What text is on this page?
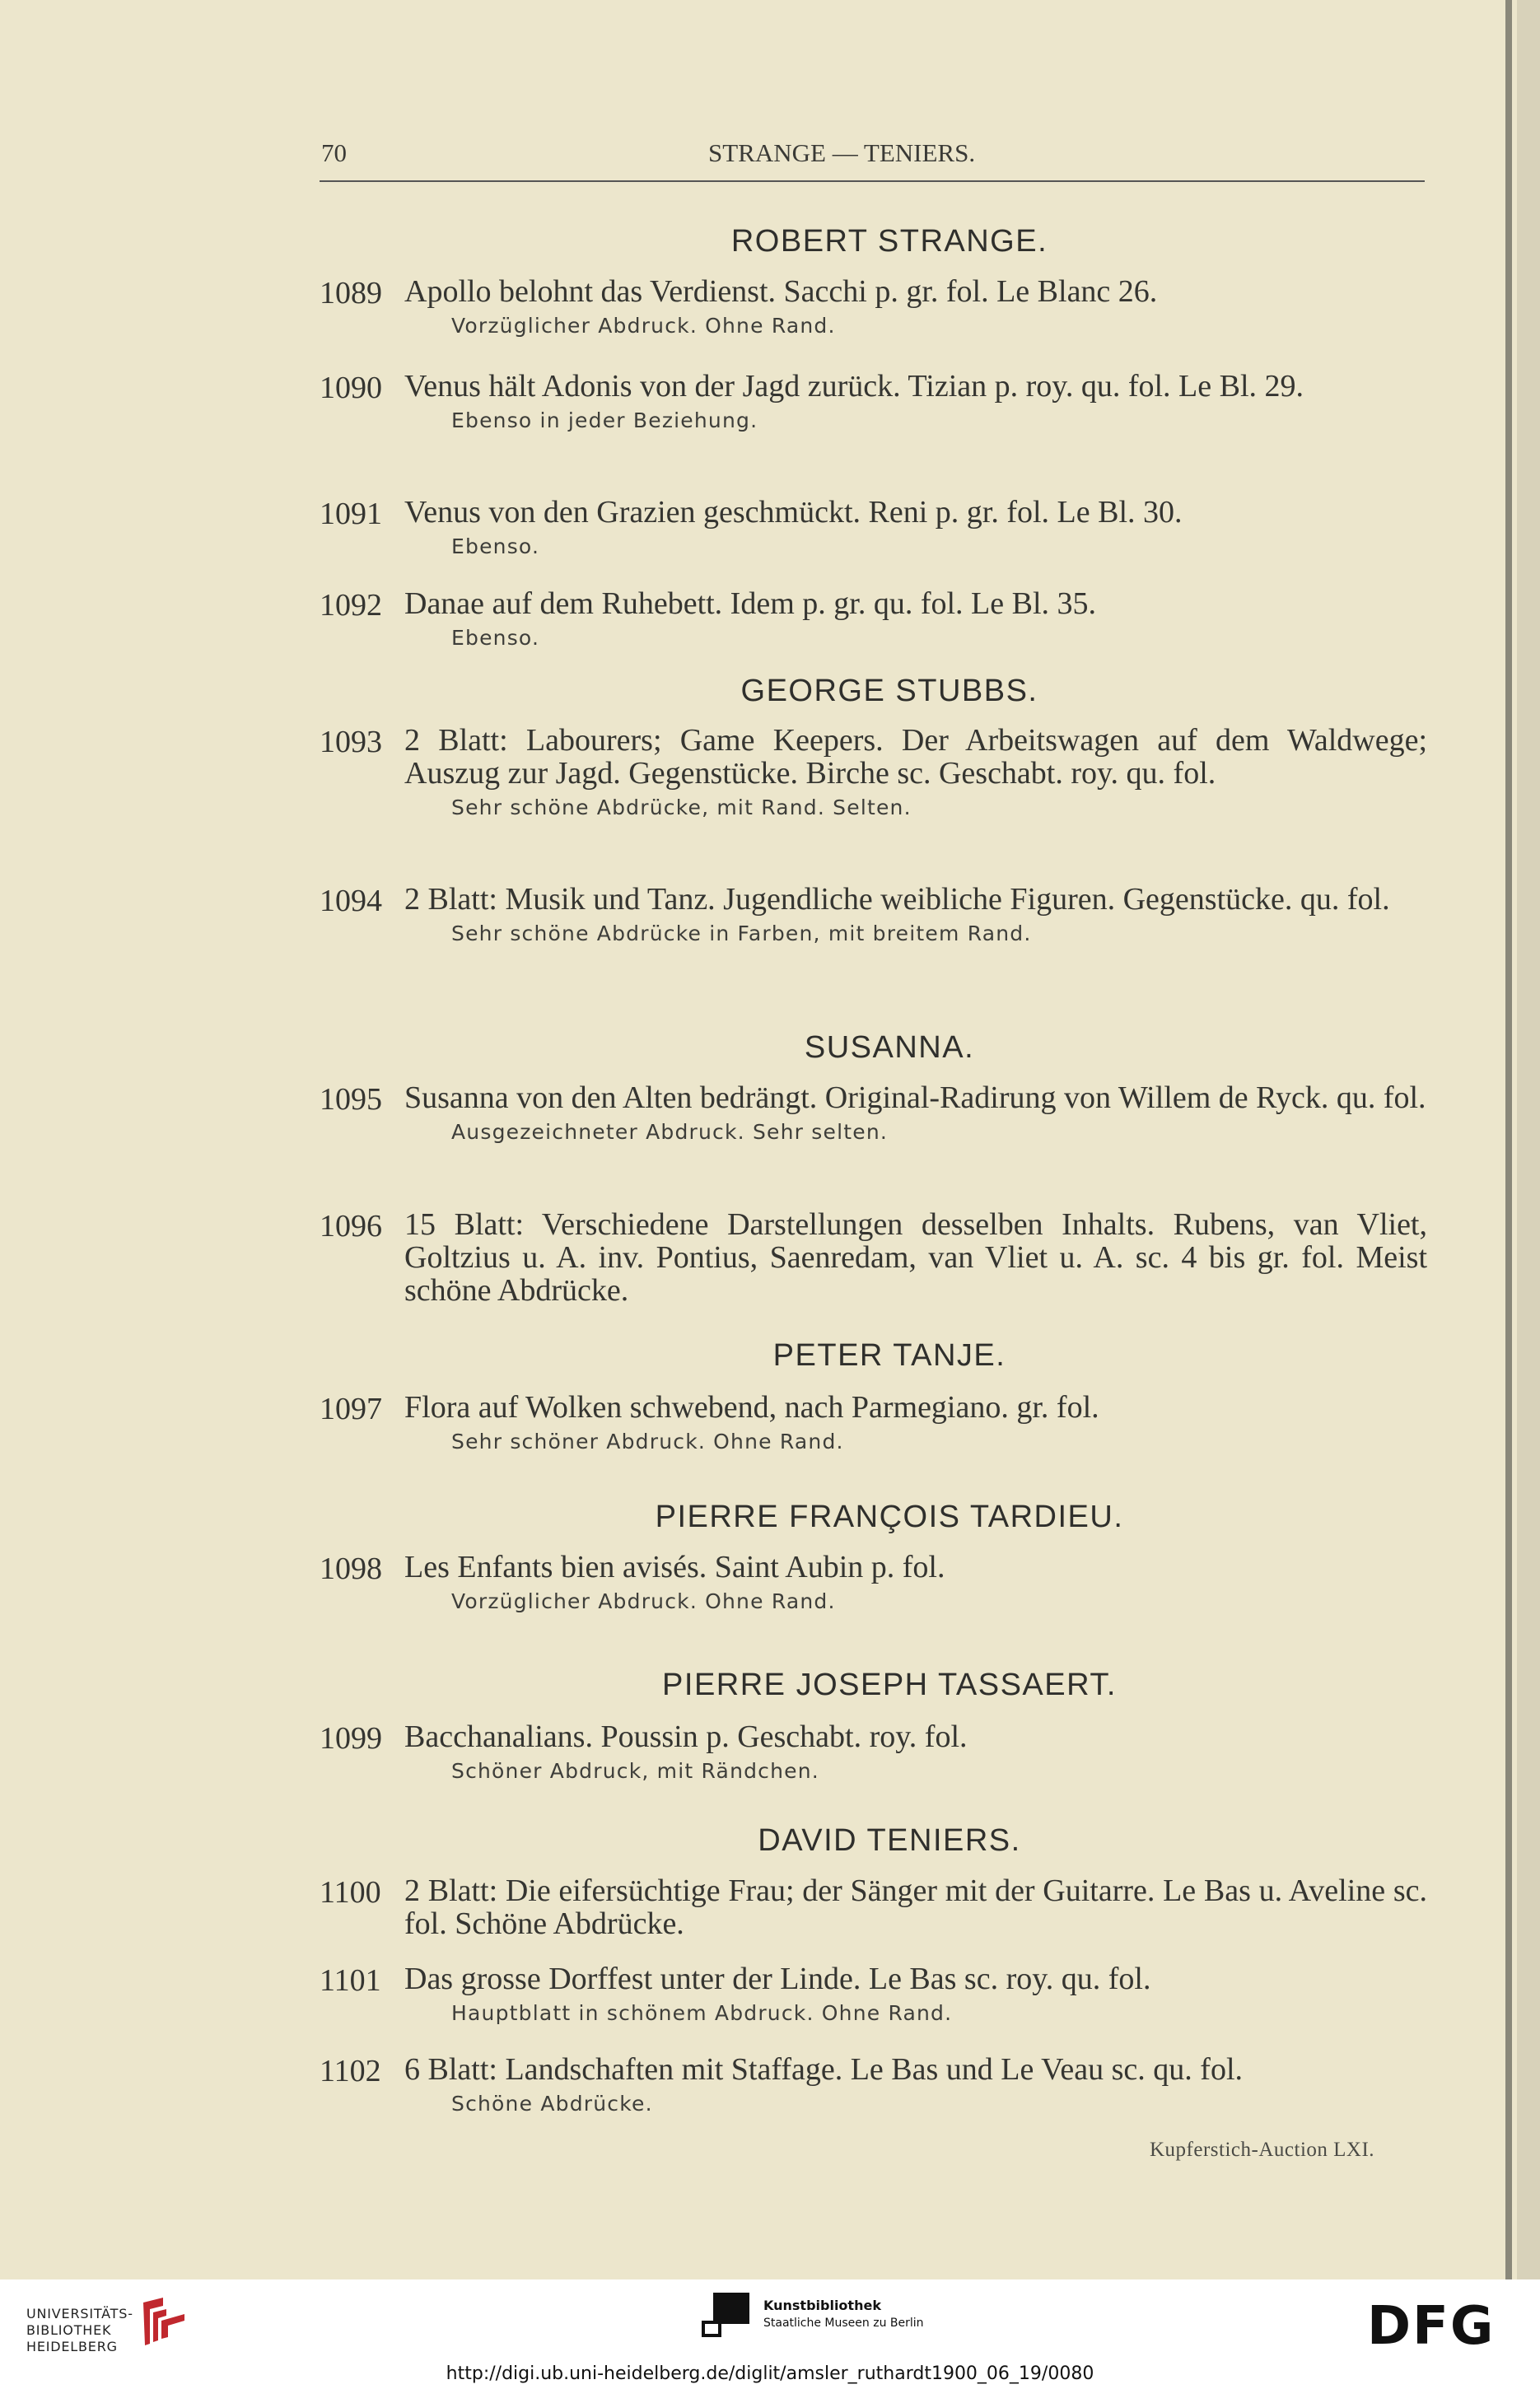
70	STRANGE — TENIERS.
ROBERT STRANGE.
1089 Apollo belohnt das Verdienst. Sacchi p. gr. fol. Le Blanc 26.
Vorzüglicher Abdruck. Ohne Rand.
1090 Venus hält Adonis von der Jagd zurück. Tizian p. roy. qu. fol. Le Bl. 29.
Ebenso in jeder Beziehung.
1091 Venus von den Grazien geschmückt. Reni p. gr. fol. Le Bl. 30.
Ebenso.
1092 Danae auf dem Ruhebett. Idem p. gr. qu. fol. Le Bl. 35.
Ebenso.
GEORGE STUBBS.
1093 2 Blatt: Labourers; Game Keepers. Der Arbeitswagen auf dem Waldwege; Auszug zur Jagd. Gegenstücke. Birche sc. Geschabt. roy. qu. fol.
Sehr schöne Abdrücke, mit Rand. Selten.
1094 2 Blatt: Musik und Tanz. Jugendliche weibliche Figuren. Gegenstücke. qu. fol.
Sehr schöne Abdrücke in Farben, mit breitem Rand.
SUSANNA.
1095 Susanna von den Alten bedrängt. Original-Radirung von Willem de Ryck. qu. fol.
Ausgezeichneter Abdruck. Sehr selten.
1096 15 Blatt: Verschiedene Darstellungen desselben Inhalts. Rubens, van Vliet, Goltzius u. A. inv. Pontius, Saenredam, van Vliet u. A. sc. 4 bis gr. fol. Meist schöne Abdrücke.
PETER TANJE.
1097 Flora auf Wolken schwebend, nach Parmegiano. gr. fol.
Sehr schöner Abdruck. Ohne Rand.
PIERRE FRANÇOIS TARDIEU.
1098 Les Enfants bien avisés. Saint Aubin p. fol.
Vorzüglicher Abdruck. Ohne Rand.
PIERRE JOSEPH TASSAERT.
1099 Bacchanalians. Poussin p. Geschabt. roy. fol.
Schöner Abdruck, mit Rändchen.
DAVID TENIERS.
1100 2 Blatt: Die eifersüchtige Frau; der Sänger mit der Guitarre. Le Bas u. Aveline sc. fol. Schöne Abdrücke.
1101 Das grosse Dorffest unter der Linde. Le Bas sc. roy. qu. fol.
Hauptblatt in schönem Abdruck. Ohne Rand.
1102 6 Blatt: Landschaften mit Staffage. Le Bas und Le Veau sc. qu. fol.
Schöne Abdrücke.
Kupferstich-Auction LXI.
UNIVERSITÄTS-
BIBLIOTHEK
HEIDELBERG
Kunstbibliothek
Staatliche Museen zu Berlin	DFG
http://digi.ub.uni-heidelberg.de/diglit/amsler_ruthardt1900_06_19/0080
